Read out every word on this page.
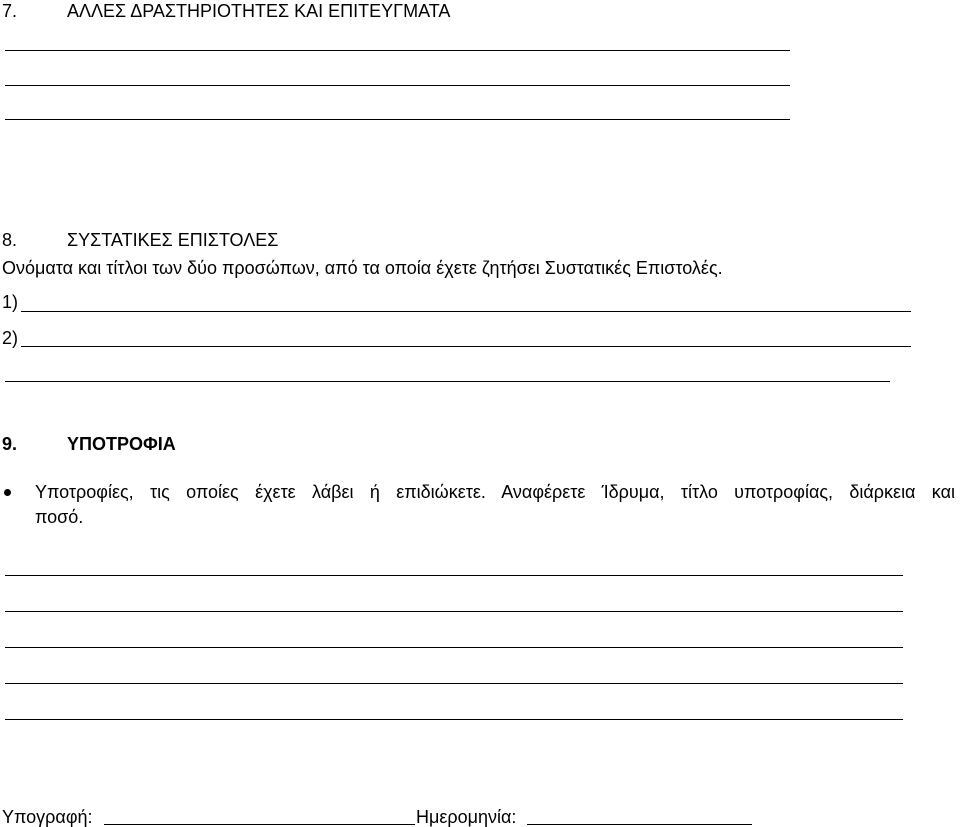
7.	ΑΛΛΕΣ ΔΡΑΣΤΗΡΙΟΤΗΤΕΣ ΚΑΙ ΕΠΙΤΕΥΓΜΑΤΑ
8.	ΣΥΣΤΑΤΙΚΕΣ ΕΠΙΣΤΟΛΕΣ
Ονόματα και τίτλοι των δύο προσώπων, από τα οποία έχετε ζητήσει Συστατικές Επιστολές.
1)
2)
9.	ΥΠΟΤΡΟΦΙΑ
Υποτροφίες, τις οποίες έχετε λάβει ή επιδιώκετε. Αναφέρετε Ίδρυμα, τίτλο υποτροφίας, διάρκεια και
ποσό.
Υπογραφή:	Ημερομηνία:
